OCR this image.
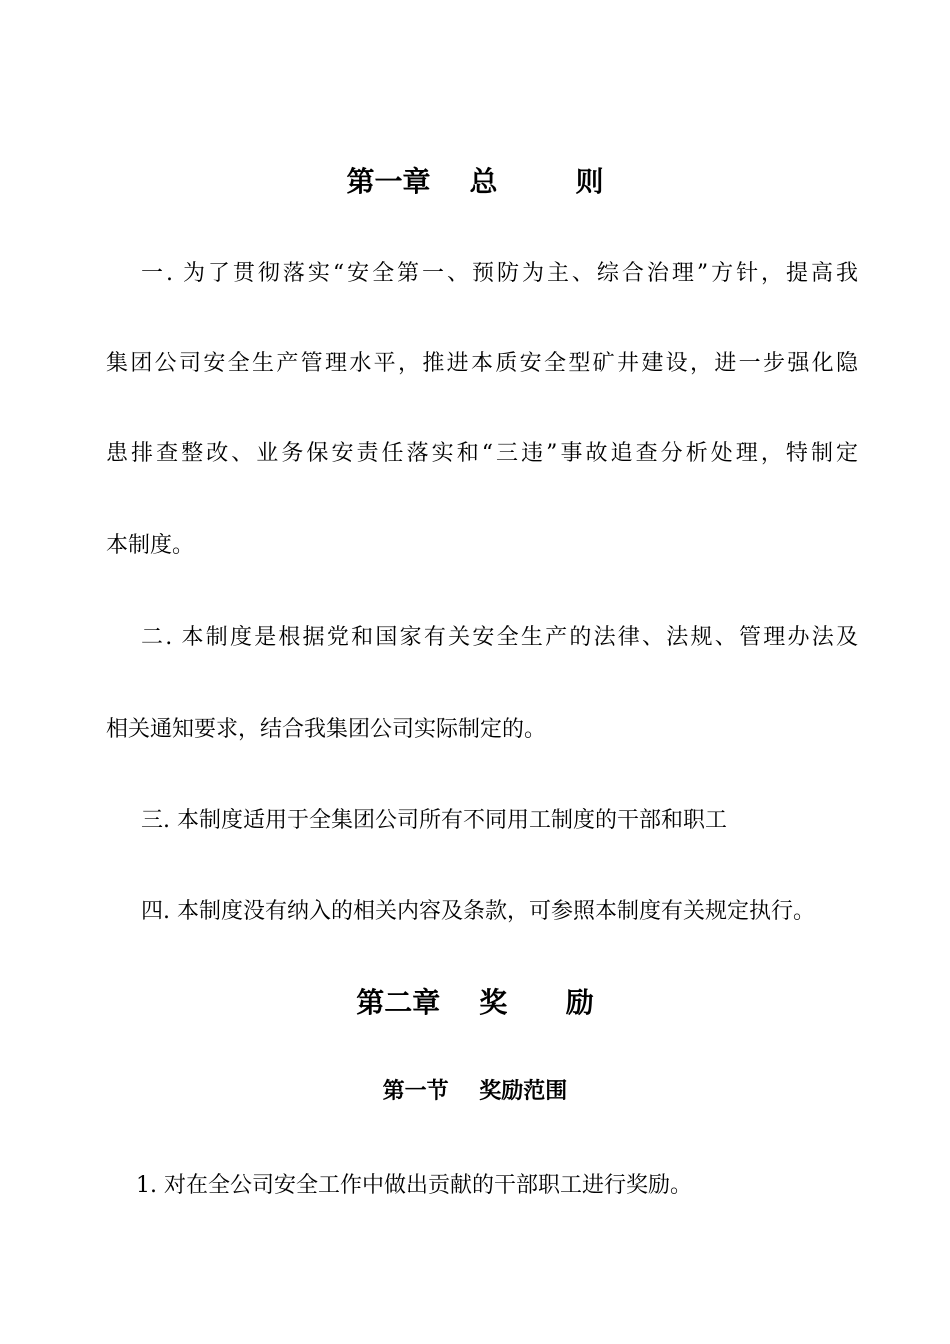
第一章    总        则
一. 为了贯彻落实“安全第一、预防为主、综合治理”方针，提高我
集团公司安全生产管理水平，推进本质安全型矿井建设，进一步强化隐
患排查整改、业务保安责任落实和“三违”事故追查分析处理，特制定
本制度。
二. 本制度是根据党和国家有关安全生产的法律、法规、管理办法及
相关通知要求，结合我集团公司实际制定的。
三. 本制度适用于全集团公司所有不同用工制度的干部和职工
四. 本制度没有纳入的相关内容及条款，可参照本制度有关规定执行。
第二章    奖      励
第一节    奖励范围
1. 对在全公司安全工作中做出贡献的干部职工进行奖励。
